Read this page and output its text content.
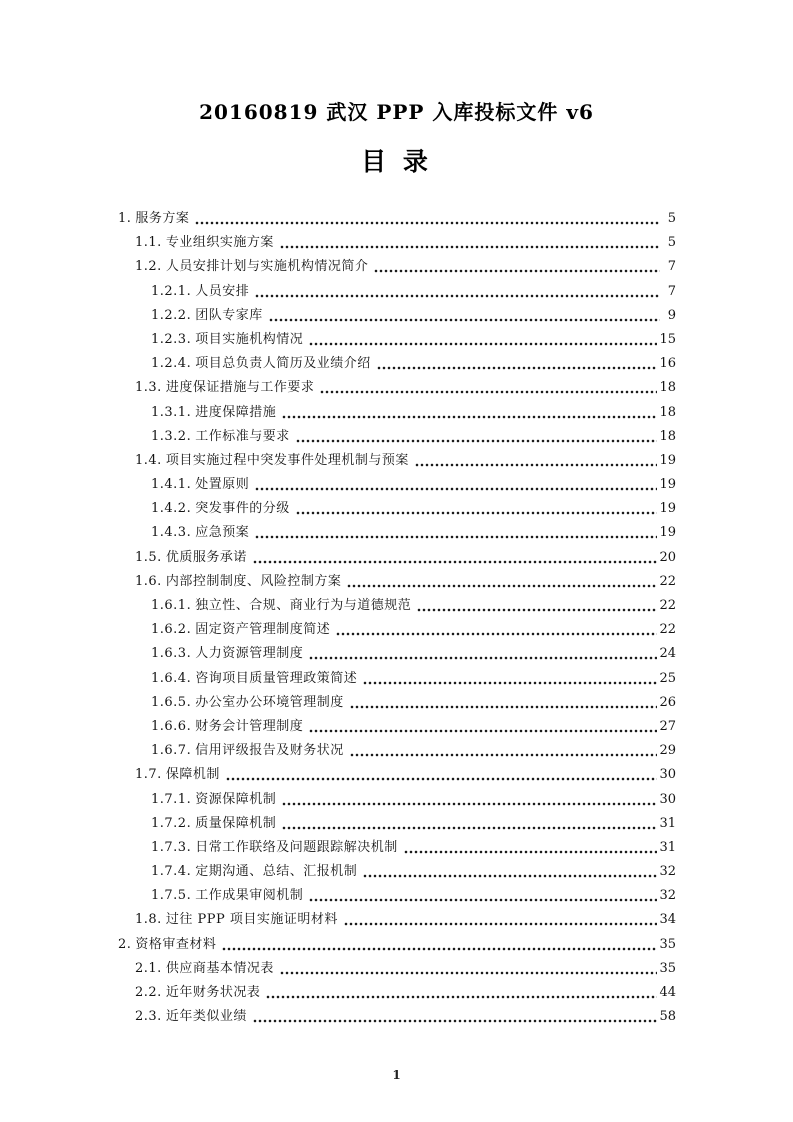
20160819 武汉 PPP 入库投标文件 v6
目 录
1. 服务方案	5
1.1. 专业组织实施方案	5
1.2. 人员安排计划与实施机构情况简介	7
1.2.1. 人员安排	7
1.2.2. 团队专家库	9
1.2.3. 项目实施机构情况	15
1.2.4. 项目总负责人简历及业绩介绍	16
1.3. 进度保证措施与工作要求	18
1.3.1. 进度保障措施	18
1.3.2. 工作标准与要求	18
1.4. 项目实施过程中突发事件处理机制与预案	19
1.4.1. 处置原则	19
1.4.2. 突发事件的分级	19
1.4.3. 应急预案	19
1.5. 优质服务承诺	20
1.6. 内部控制制度、风险控制方案	22
1.6.1. 独立性、合规、商业行为与道德规范	22
1.6.2. 固定资产管理制度简述	22
1.6.3. 人力资源管理制度	24
1.6.4. 咨询项目质量管理政策简述	25
1.6.5. 办公室办公环境管理制度	26
1.6.6. 财务会计管理制度	27
1.6.7. 信用评级报告及财务状况	29
1.7. 保障机制	30
1.7.1. 资源保障机制	30
1.7.2. 质量保障机制	31
1.7.3. 日常工作联络及问题跟踪解决机制	31
1.7.4. 定期沟通、总结、汇报机制	32
1.7.5. 工作成果审阅机制	32
1.8. 过往 PPP 项目实施证明材料	34
2. 资格审查材料	35
2.1. 供应商基本情况表	35
2.2. 近年财务状况表	44
2.3. 近年类似业绩	58
1
